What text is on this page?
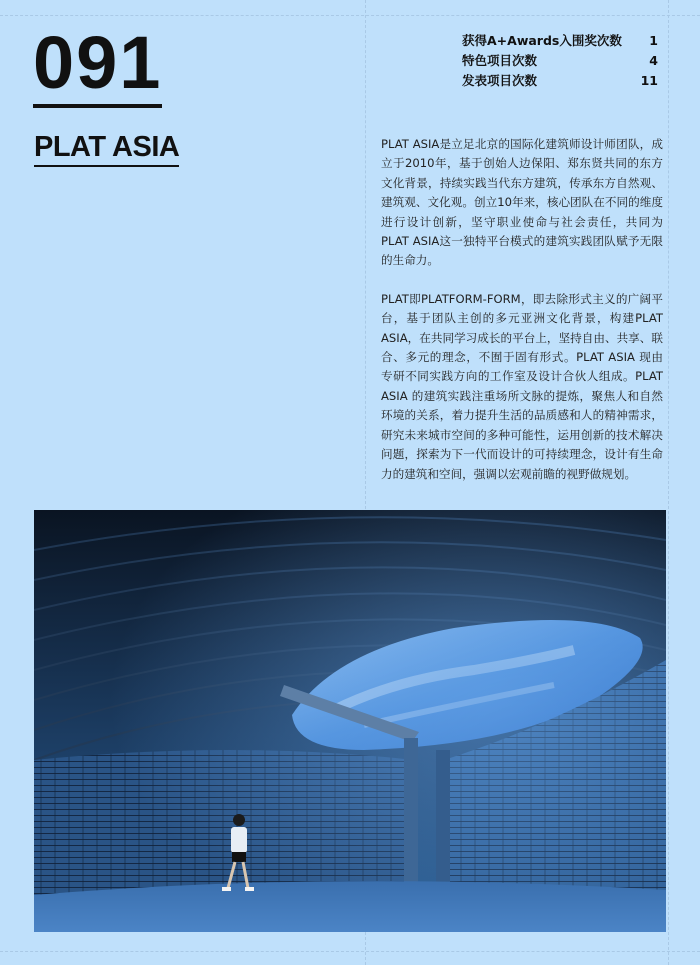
091
PLAT ASIA
获得A+Awards入围奖次数 1
特色项目次数	4
发表项目次数	11

PLAT ASIA是立足北京的国际化建筑师设计师团队，成立于2010年，基于创始人边保阳、郑东贤共同的东方文化背景，持续实践当代东方建筑，传承东方自然观、建筑观、文化观。创立10年来，核心团队在不同的维度进行设计创新，坚守职业使命与社会责任，共同为PLAT ASIA这一独特平台模式的建筑实践团队赋予无限的生命力。

PLAT即PLATFORM-FORM，即去除形式主义的广阔平台，基于团队主创的多元亚洲文化背景，构建PLAT ASIA，在共同学习成长的平台上，坚持自由、共享、联合、多元的理念，不囿于固有形式。PLAT ASIA 现由专研不同实践方向的工作室及设计合伙人组成。PLAT ASIA 的建筑实践注重场所文脉的提炼，聚焦人和自然环境的关系，着力提升生活的品质感和人的精神需求，研究未来城市空间的多种可能性，运用创新的技术解决问题，探索为下一代而设计的可持续理念，设计有生命力的建筑和空间，强调以宏观前瞻的视野做规划。
